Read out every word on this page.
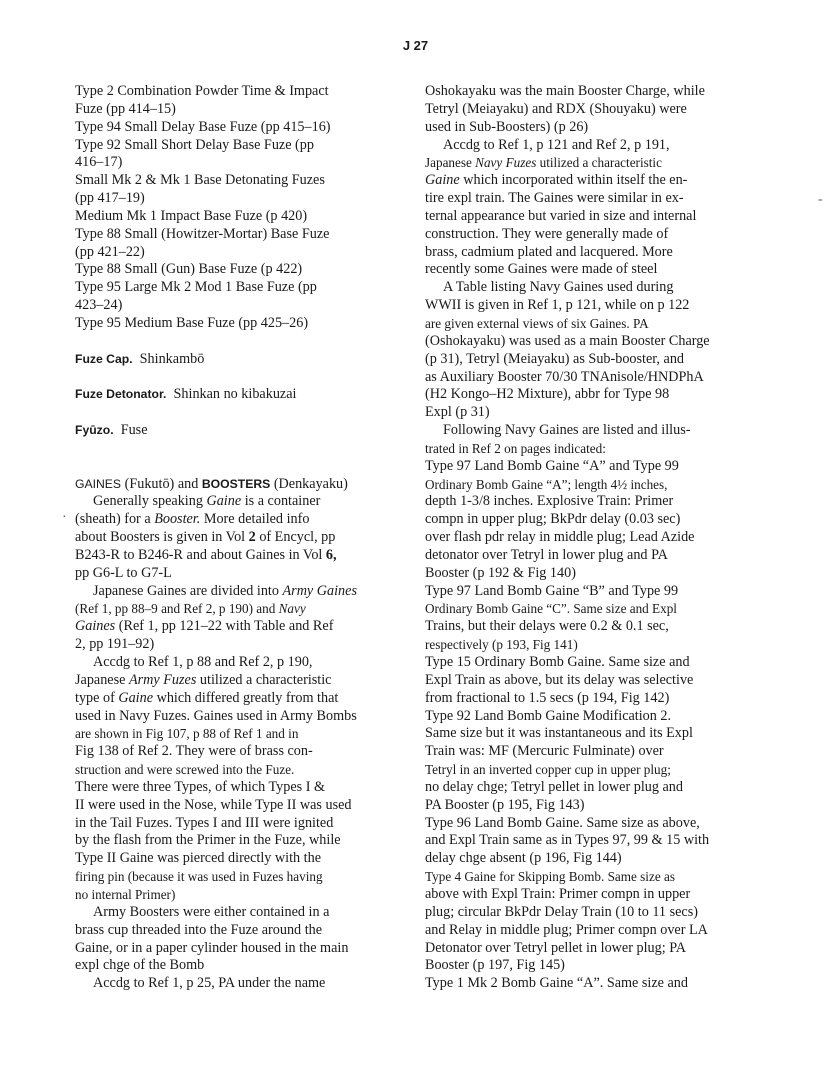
J 27
Type 2 Combination Powder Time & Impact
Fuze (pp 414–15)
Type 94 Small Delay Base Fuze (pp 415–16)
Type 92 Small Short Delay Base Fuze (pp
416–17)
Small Mk 2 & Mk 1 Base Detonating Fuzes
(pp 417–19)
Medium Mk 1 Impact Base Fuze (p 420)
Type 88 Small (Howitzer-Mortar) Base Fuze
(pp 421–22)
Type 88 Small (Gun) Base Fuze (p 422)
Type 95 Large Mk 2 Mod 1 Base Fuze (pp
423–24)
Type 95 Medium Base Fuze (pp 425–26)
Fuze Cap. Shinkambō
Fuze Detonator. Shinkan no kibakuzai
Fyūzo. Fuse
GAINES (Fukutō) and BOOSTERS (Denkayaku)
Generally speaking Gaine is a container
(sheath) for a Booster. More detailed info
about Boosters is given in Vol 2 of Encycl, pp
B243-R to B246-R and about Gaines in Vol 6,
pp G6-L to G7-L
Japanese Gaines are divided into Army Gaines
(Ref 1, pp 88–9 and Ref 2, p 190) and Navy
Gaines (Ref 1, pp 121–22 with Table and Ref
2, pp 191–92)
Accdg to Ref 1, p 88 and Ref 2, p 190,
Japanese Army Fuzes utilized a characteristic
type of Gaine which differed greatly from that
used in Navy Fuzes. Gaines used in Army Bombs
are shown in Fig 107, p 88 of Ref 1 and in
Fig 138 of Ref 2. They were of brass con-
struction and were screwed into the Fuze.
There were three Types, of which Types I &
II were used in the Nose, while Type II was used
in the Tail Fuzes. Types I and III were ignited
by the flash from the Primer in the Fuze, while
Type II Gaine was pierced directly with the
firing pin (because it was used in Fuzes having
no internal Primer)
Army Boosters were either contained in a
brass cup threaded into the Fuze around the
Gaine, or in a paper cylinder housed in the main
expl chge of the Bomb
Accdg to Ref 1, p 25, PA under the name
Oshokayaku was the main Booster Charge, while
Tetryl (Meiayaku) and RDX (Shouyaku) were
used in Sub-Boosters) (p 26)
Accdg to Ref 1, p 121 and Ref 2, p 191,
Japanese Navy Fuzes utilized a characteristic
Gaine which incorporated within itself the en-
tire expl train. The Gaines were similar in ex-
ternal appearance but varied in size and internal
construction. They were generally made of
brass, cadmium plated and lacquered. More
recently some Gaines were made of steel
A Table listing Navy Gaines used during
WWII is given in Ref 1, p 121, while on p 122
are given external views of six Gaines. PA
(Oshokayaku) was used as a main Booster Charge
(p 31), Tetryl (Meiayaku) as Sub-booster, and
as Auxiliary Booster 70/30 TNAnisole/HNDPhA
(H2 Kongo–H2 Mixture), abbr for Type 98
Expl (p 31)
Following Navy Gaines are listed and illus-
trated in Ref 2 on pages indicated:
Type 97 Land Bomb Gaine “A” and Type 99
Ordinary Bomb Gaine “A”; length 4½ inches,
depth 1-3/8 inches. Explosive Train: Primer
compn in upper plug; BkPdr delay (0.03 sec)
over flash pdr relay in middle plug; Lead Azide
detonator over Tetryl in lower plug and PA
Booster (p 192 & Fig 140)
Type 97 Land Bomb Gaine “B” and Type 99
Ordinary Bomb Gaine “C”. Same size and Expl
Trains, but their delays were 0.2 & 0.1 sec,
respectively (p 193, Fig 141)
Type 15 Ordinary Bomb Gaine. Same size and
Expl Train as above, but its delay was selective
from fractional to 1.5 secs (p 194, Fig 142)
Type 92 Land Bomb Gaine Modification 2.
Same size but it was instantaneous and its Expl
Train was: MF (Mercuric Fulminate) over
Tetryl in an inverted copper cup in upper plug;
no delay chge; Tetryl pellet in lower plug and
PA Booster (p 195, Fig 143)
Type 96 Land Bomb Gaine. Same size as above,
and Expl Train same as in Types 97, 99 & 15 with
delay chge absent (p 196, Fig 144)
Type 4 Gaine for Skipping Bomb. Same size as
above with Expl Train: Primer compn in upper
plug; circular BkPdr Delay Train (10 to 11 secs)
and Relay in middle plug; Primer compn over LA
Detonator over Tetryl pellet in lower plug; PA
Booster (p 197, Fig 145)
Type 1 Mk 2 Bomb Gaine “A”. Same size and
·
-
